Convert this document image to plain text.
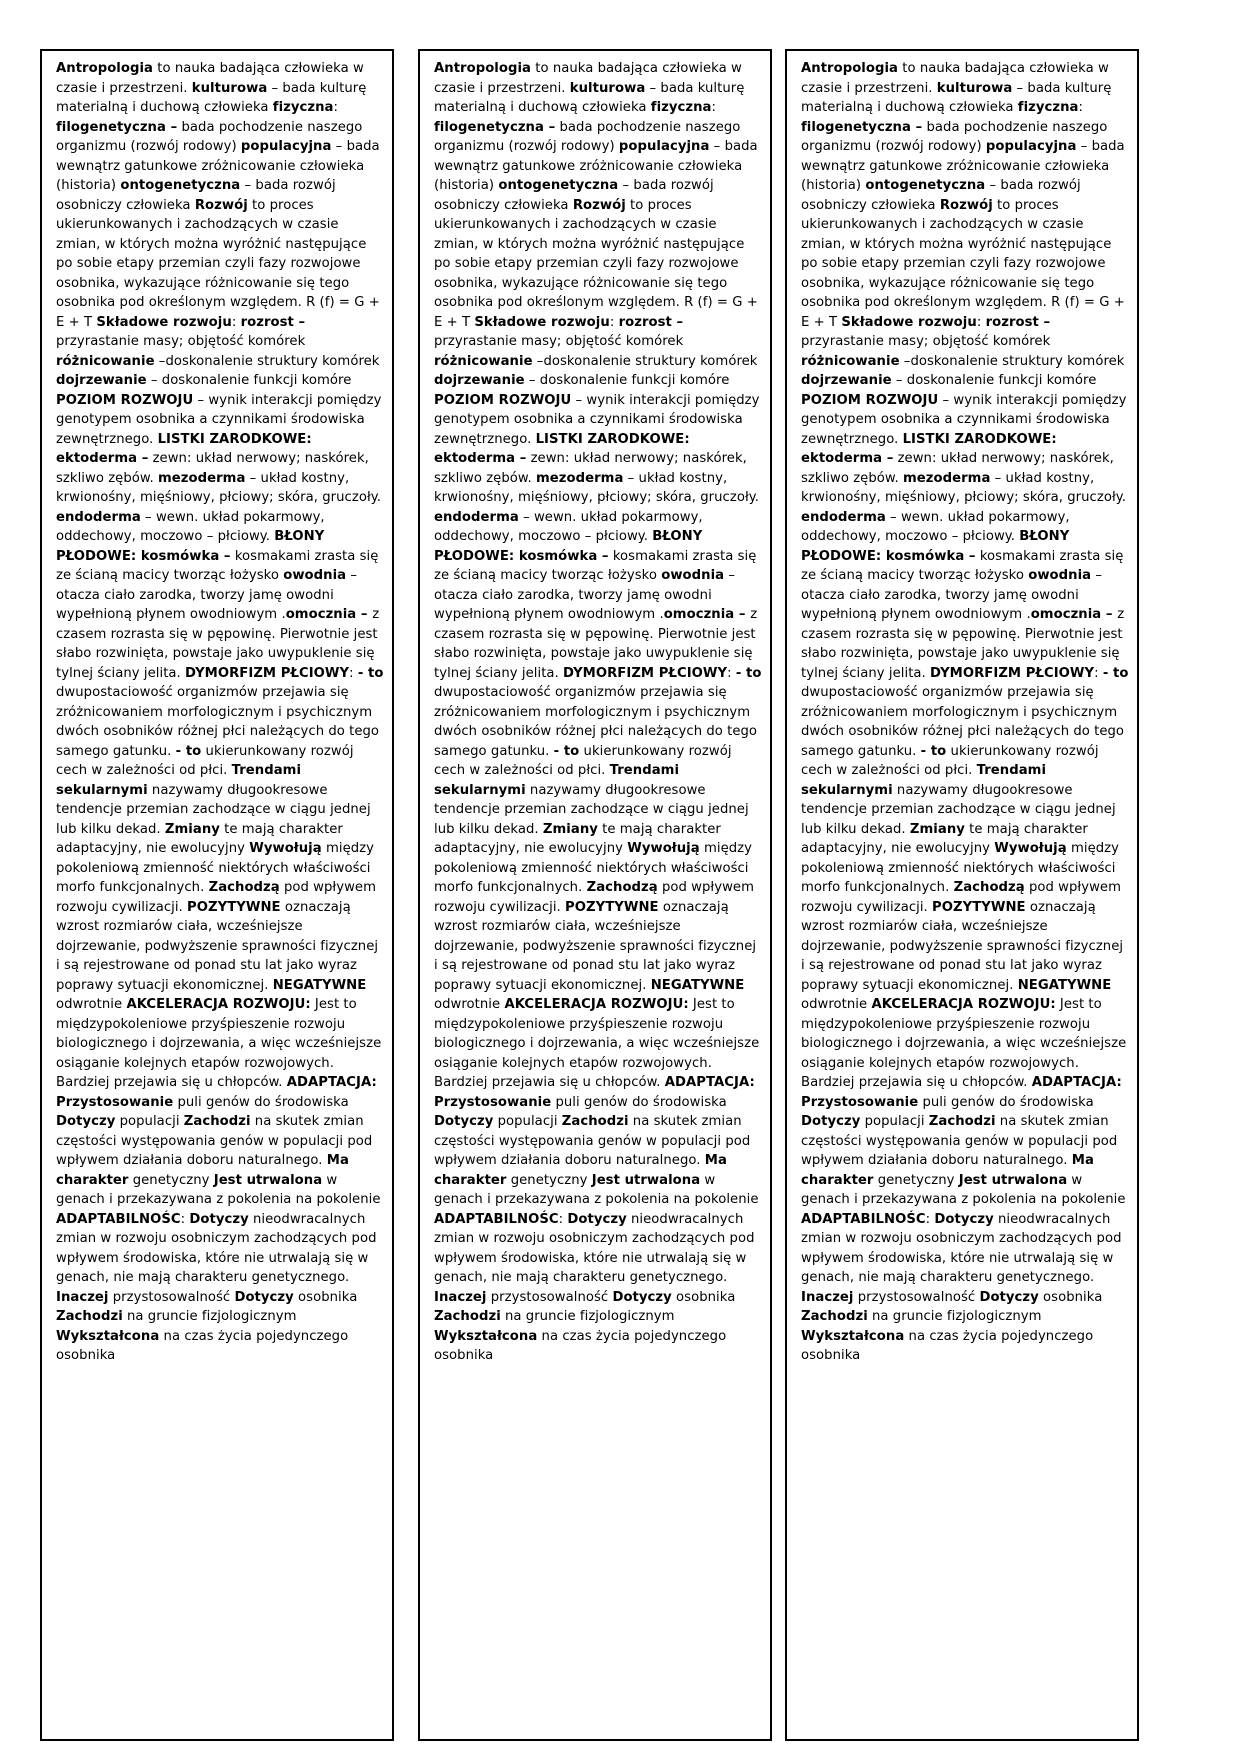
Antropologia to nauka badająca człowieka w czasie i przestrzeni. kulturowa – bada kulturę materialną i duchową człowieka fizyczna: filogenetyczna – bada pochodzenie naszego organizmu (rozwój rodowy) populacyjna – bada wewnątrz gatunkowe zróżnicowanie człowieka (historia) ontogenetyczna – bada rozwój osobniczy człowieka Rozwój to proces ukierunkowanych i zachodzących w czasie zmian, w których można wyróżnić następujące po sobie etapy przemian czyli fazy rozwojowe osobnika, wykazujące różnicowanie się tego osobnika pod określonym względem. R (f) = G + E + T Składowe rozwoju: rozrost – przyrastanie masy; objętość komórek różnicowanie –doskonalenie struktury komórek dojrzewanie – doskonalenie funkcji komóre POZIOM ROZWOJU – wynik interakcji pomiędzy genotypem osobnika a czynnikami środowiska zewnętrznego. LISTKI ZARODKOWE: ektoderma – zewn: układ nerwowy; naskórek, szkliwo zębów. mezoderma – układ kostny, krwionośny, mięśniowy, płciowy; skóra, gruczoły. endoderma – wewn. układ pokarmowy, oddechowy, moczowo – płciowy. BŁONY PŁODOWE: kosmówka – kosmakami zrasta się ze ścianą macicy tworząc łożysko owodnia – otacza ciało zarodka, tworzy jamę owodni wypełnioną płynem owodniowym .omocznia – z czasem rozrasta się w pępowinę. Pierwotnie jest słabo rozwinięta, powstaje jako uwypuklenie się tylnej ściany jelita. DYMORFIZM PŁCIOWY: - to dwupostaciowość organizmów przejawia się zróżnicowaniem morfologicznym i psychicznym dwóch osobników różnej płci należących do tego samego gatunku. - to ukierunkowany rozwój cech w zależności od płci. Trendami sekularnymi nazywamy długookresowe tendencje przemian zachodzące w ciągu jednej lub kilku dekad. Zmiany te mają charakter adaptacyjny, nie ewolucyjny Wywołują między pokoleniową zmienność niektórych właściwości morfo funkcjonalnych. Zachodzą pod wpływem rozwoju cywilizacji. POZYTYWNE oznaczają wzrost rozmiarów ciała, wcześniejsze dojrzewanie, podwyższenie sprawności fizycznej i są rejestrowane od ponad stu lat jako wyraz poprawy sytuacji ekonomicznej. NEGATYWNE odwrotnie AKCELERACJA ROZWOJU: Jest to międzypokoleniowe przyśpieszenie rozwoju biologicznego i dojrzewania, a więc wcześniejsze osiąganie kolejnych etapów rozwojowych. Bardziej przejawia się u chłopców. ADAPTACJA: Przystosowanie puli genów do środowiska Dotyczy populacji Zachodzi na skutek zmian częstości występowania genów w populacji pod wpływem działania doboru naturalnego. Ma charakter genetyczny Jest utrwalona w genach i przekazywana z pokolenia na pokolenie ADAPTABILNOŚC: Dotyczy nieodwracalnych zmian w rozwoju osobniczym zachodzących pod wpływem środowiska, które nie utrwalają się w genach, nie mają charakteru genetycznego. Inaczej przystosowalność Dotyczy osobnika Zachodzi na gruncie fizjologicznym Wykształcona na czas życia pojedynczego osobnika
Antropologia to nauka badająca człowieka w czasie i przestrzeni. kulturowa – bada kulturę materialną i duchową człowieka fizyczna: filogenetyczna – bada pochodzenie naszego organizmu (rozwój rodowy) populacyjna – bada wewnątrz gatunkowe zróżnicowanie człowieka (historia) ontogenetyczna – bada rozwój osobniczy człowieka Rozwój to proces ukierunkowanych i zachodzących w czasie zmian, w których można wyróżnić następujące po sobie etapy przemian czyli fazy rozwojowe osobnika, wykazujące różnicowanie się tego osobnika pod określonym względem. R (f) = G + E + T Składowe rozwoju: rozrost – przyrastanie masy; objętość komórek różnicowanie –doskonalenie struktury komórek dojrzewanie – doskonalenie funkcji komóre POZIOM ROZWOJU – wynik interakcji pomiędzy genotypem osobnika a czynnikami środowiska zewnętrznego. LISTKI ZARODKOWE: ektoderma – zewn: układ nerwowy; naskórek, szkliwo zębów. mezoderma – układ kostny, krwionośny, mięśniowy, płciowy; skóra, gruczoły. endoderma – wewn. układ pokarmowy, oddechowy, moczowo – płciowy. BŁONY PŁODOWE: kosmówka – kosmakami zrasta się ze ścianą macicy tworząc łożysko owodnia – otacza ciało zarodka, tworzy jamę owodni wypełnioną płynem owodniowym .omocznia – z czasem rozrasta się w pępowinę. Pierwotnie jest słabo rozwinięta, powstaje jako uwypuklenie się tylnej ściany jelita. DYMORFIZM PŁCIOWY: - to dwupostaciowość organizmów przejawia się zróżnicowaniem morfologicznym i psychicznym dwóch osobników różnej płci należących do tego samego gatunku. - to ukierunkowany rozwój cech w zależności od płci. Trendami sekularnymi nazywamy długookresowe tendencje przemian zachodzące w ciągu jednej lub kilku dekad. Zmiany te mają charakter adaptacyjny, nie ewolucyjny Wywołują między pokoleniową zmienność niektórych właściwości morfo funkcjonalnych. Zachodzą pod wpływem rozwoju cywilizacji. POZYTYWNE oznaczają wzrost rozmiarów ciała, wcześniejsze dojrzewanie, podwyższenie sprawności fizycznej i są rejestrowane od ponad stu lat jako wyraz poprawy sytuacji ekonomicznej. NEGATYWNE odwrotnie AKCELERACJA ROZWOJU: Jest to międzypokoleniowe przyśpieszenie rozwoju biologicznego i dojrzewania, a więc wcześniejsze osiąganie kolejnych etapów rozwojowych. Bardziej przejawia się u chłopców. ADAPTACJA: Przystosowanie puli genów do środowiska Dotyczy populacji Zachodzi na skutek zmian częstości występowania genów w populacji pod wpływem działania doboru naturalnego. Ma charakter genetyczny Jest utrwalona w genach i przekazywana z pokolenia na pokolenie ADAPTABILNOŚC: Dotyczy nieodwracalnych zmian w rozwoju osobniczym zachodzących pod wpływem środowiska, które nie utrwalają się w genach, nie mają charakteru genetycznego. Inaczej przystosowalność Dotyczy osobnika Zachodzi na gruncie fizjologicznym Wykształcona na czas życia pojedynczego osobnika
Antropologia to nauka badająca człowieka w czasie i przestrzeni. kulturowa – bada kulturę materialną i duchową człowieka fizyczna: filogenetyczna – bada pochodzenie naszego organizmu (rozwój rodowy) populacyjna – bada wewnątrz gatunkowe zróżnicowanie człowieka (historia) ontogenetyczna – bada rozwój osobniczy człowieka Rozwój to proces ukierunkowanych i zachodzących w czasie zmian, w których można wyróżnić następujące po sobie etapy przemian czyli fazy rozwojowe osobnika, wykazujące różnicowanie się tego osobnika pod określonym względem. R (f) = G + E + T Składowe rozwoju: rozrost – przyrastanie masy; objętość komórek różnicowanie –doskonalenie struktury komórek dojrzewanie – doskonalenie funkcji komóre POZIOM ROZWOJU – wynik interakcji pomiędzy genotypem osobnika a czynnikami środowiska zewnętrznego. LISTKI ZARODKOWE: ektoderma – zewn: układ nerwowy; naskórek, szkliwo zębów. mezoderma – układ kostny, krwionośny, mięśniowy, płciowy; skóra, gruczoły. endoderma – wewn. układ pokarmowy, oddechowy, moczowo – płciowy. BŁONY PŁODOWE: kosmówka – kosmakami zrasta się ze ścianą macicy tworząc łożysko owodnia – otacza ciało zarodka, tworzy jamę owodni wypełnioną płynem owodniowym .omocznia – z czasem rozrasta się w pępowinę. Pierwotnie jest słabo rozwinięta, powstaje jako uwypuklenie się tylnej ściany jelita. DYMORFIZM PŁCIOWY: - to dwupostaciowość organizmów przejawia się zróżnicowaniem morfologicznym i psychicznym dwóch osobników różnej płci należących do tego samego gatunku. - to ukierunkowany rozwój cech w zależności od płci. Trendami sekularnymi nazywamy długookresowe tendencje przemian zachodzące w ciągu jednej lub kilku dekad. Zmiany te mają charakter adaptacyjny, nie ewolucyjny Wywołują między pokoleniową zmienność niektórych właściwości morfo funkcjonalnych. Zachodzą pod wpływem rozwoju cywilizacji. POZYTYWNE oznaczają wzrost rozmiarów ciała, wcześniejsze dojrzewanie, podwyższenie sprawności fizycznej i są rejestrowane od ponad stu lat jako wyraz poprawy sytuacji ekonomicznej. NEGATYWNE odwrotnie AKCELERACJA ROZWOJU: Jest to międzypokoleniowe przyśpieszenie rozwoju biologicznego i dojrzewania, a więc wcześniejsze osiąganie kolejnych etapów rozwojowych. Bardziej przejawia się u chłopców. ADAPTACJA: Przystosowanie puli genów do środowiska Dotyczy populacji Zachodzi na skutek zmian częstości występowania genów w populacji pod wpływem działania doboru naturalnego. Ma charakter genetyczny Jest utrwalona w genach i przekazywana z pokolenia na pokolenie ADAPTABILNOŚC: Dotyczy nieodwracalnych zmian w rozwoju osobniczym zachodzących pod wpływem środowiska, które nie utrwalają się w genach, nie mają charakteru genetycznego. Inaczej przystosowalność Dotyczy osobnika Zachodzi na gruncie fizjologicznym Wykształcona na czas życia pojedynczego osobnika
